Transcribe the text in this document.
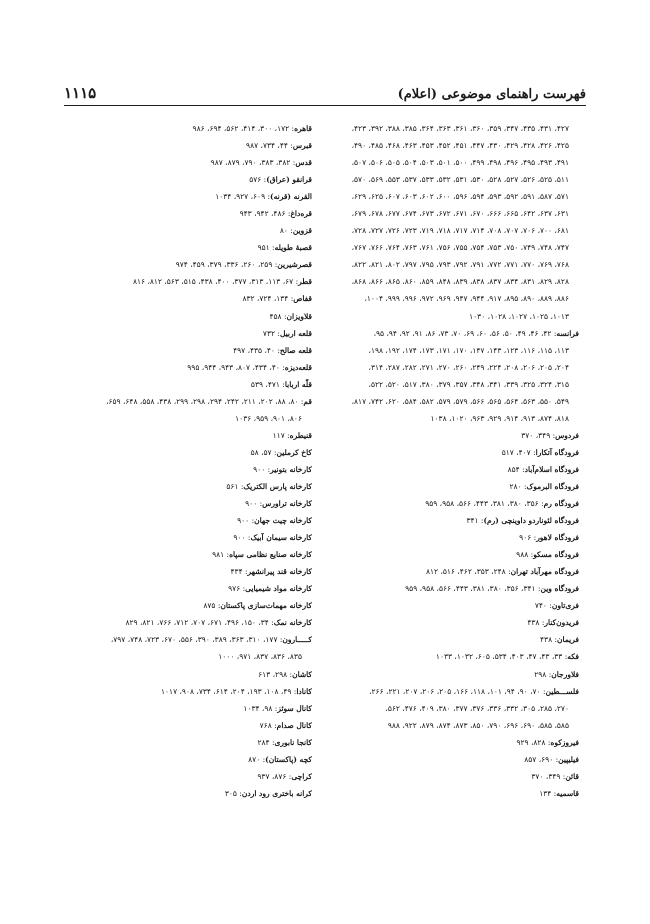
۱۱۱۵	فهرست راهنمای موضوعی (اعلام)
۴۲۷، ۴۳۱، ۴۳۵، ۳۴۷، ۳۵۹، ۳۶۰، ۳۶۱، ۳۶۳، ۳۶۴، ۳۸۵، ۳۸۸، ۳۹۲، ۴۲۳،
۴۲۵، ۴۲۶، ۴۲۸، ۴۲۹، ۴۳۰، ۴۴۷، ۴۵۱، ۴۵۲، ۴۵۳، ۴۶۳، ۴۶۸، ۴۸۵، ۴۹۰،
۴۹۱، ۴۹۳، ۴۹۵، ۴۹۶، ۴۹۸، ۴۹۹، ۵۰۰، ۵۰۱، ۵۰۳، ۵۰۴، ۵۰۵، ۵۰۶، ۵۰۷،
۵۱۱، ۵۲۵، ۵۲۶، ۵۲۷، ۵۲۸، ۵۳۰، ۵۳۱، ۵۳۲، ۵۳۳، ۵۳۷، ۵۵۳، ۵۶۹، ۵۷۰،
۵۷۱، ۵۸۷، ۵۹۱، ۵۹۲، ۵۹۳، ۵۹۴، ۵۹۶، ۶۰۰، ۶۰۲، ۶۰۳، ۶۰۷، ۶۲۵، ۶۲۹،
۶۳۱، ۶۳۷، ۶۴۲، ۶۶۵، ۶۶۶، ۶۷۰، ۶۷۱، ۶۷۲، ۶۷۳، ۶۷۴، ۶۷۷، ۶۷۸، ۶۷۹،
۶۸۱، ۷۰۰، ۷۰۶، ۷۰۷، ۷۰۸، ۷۱۴، ۷۱۷، ۷۱۸، ۷۱۹، ۷۲۳، ۷۲۶، ۷۲۷، ۷۲۸،
۷۴۷، ۷۴۸، ۷۴۹، ۷۵۰، ۷۵۳، ۷۵۴، ۷۵۵، ۷۵۶، ۷۶۱، ۷۶۳، ۷۶۴، ۷۶۶، ۷۶۷،
۷۶۸، ۷۶۹، ۷۷۰، ۷۷۱، ۷۷۲، ۷۹۱، ۷۹۲، ۷۹۳، ۷۹۵، ۷۹۷، ۸۰۲، ۸۲۱، ۸۲۲،
۸۲۸، ۸۲۹، ۸۳۱، ۸۳۴، ۸۳۷، ۸۳۸، ۸۳۹، ۸۴۸، ۸۵۹، ۸۶۰، ۸۶۵، ۸۶۶، ۸۶۸،
۸۸۶، ۸۸۹، ۸۹۰، ۸۹۵، ۹۱۷، ۹۴۴، ۹۴۷، ۹۶۹، ۹۷۲، ۹۹۶، ۹۹۹، ۱۰۰۴،
۱۰۱۳، ۱۰۲۵، ۱۰۲۷، ۱۰۲۸، ۱۰۳۰
فرانسه: ۴۲، ۴۶، ۴۹، ۵۰، ۵۶، ۶۰، ۶۹، ۷۰، ۷۳، ۸۶، ۹۱، ۹۲، ۹۴، ۹۵،
۱۱۳، ۱۱۵، ۱۱۶، ۱۲۳، ۱۴۳، ۱۴۷، ۱۷۰، ۱۷۱، ۱۷۳، ۱۷۴، ۱۹۲، ۱۹۸،
۲۰۴، ۲۰۵، ۲۰۶، ۲۰۸، ۲۲۴، ۲۴۹، ۲۶۰، ۲۷۰، ۲۷۱، ۲۸۲، ۲۸۷، ۳۱۴،
۳۱۵، ۳۲۴، ۳۲۵، ۳۳۹، ۳۴۱، ۳۴۸، ۳۵۷، ۳۷۹، ۳۸۰، ۵۱۷، ۵۲۰، ۵۲۲،
۵۴۹، ۵۵۰، ۵۶۳، ۵۶۴، ۵۶۵، ۵۶۶، ۵۷۹، ۵۷۹، ۵۸۲، ۵۸۴، ۶۲۰، ۷۴۲، ۸۱۷،
۸۱۸، ۸۷۴، ۹۱۳، ۹۱۴، ۹۲۹، ۹۶۳، ۱۰۲۰، ۱۰۳۸
فردوس: ۳۴۹، ۳۷۰
فرودگاه آتکارا: ۴۰۷، ۵۱۷
فرودگاه اسلام‌آباد: ۸۵۴
فرودگاه البرموک: ۲۸۰
فرودگاه رم: ۳۵۶، ۳۸۰، ۳۸۱، ۴۴۳، ۵۶۶، ۹۵۸، ۹۵۹
فرودگاه لئوناردو داوینچی (رم): ۳۴۱
فرودگاه لاهور: ۹۰۶
فرودگاه مسکو: ۹۸۸
فرودگاه مهرآباد تهران: ۲۴۸، ۳۵۳، ۴۶۲، ۵۱۶، ۸۱۲
فرودگاه وین: ۳۴۱، ۳۵۶، ۳۸۰، ۳۸۱، ۴۴۳، ۵۶۶، ۹۵۸، ۹۵۹
فری‌تاون: ۷۴۰
فریدون‌کنار: ۴۳۸
فریمان: ۴۳۸
فکه: ۳۳، ۴۳، ۴۷، ۴۰۳، ۵۳۴، ۶۰۵، ۱۰۳۲، ۱۰۳۳
فلاورجان: ۲۹۸
فلســـطین: ۷۰، ۹۰، ۹۴، ۱۰۱، ۱۱۸، ۱۶۶، ۲۰۵، ۲۰۶، ۲۰۷، ۲۲۱، ۲۶۶،
۲۷۰، ۲۸۵، ۳۰۵، ۳۳۲، ۳۳۶، ۳۷۶، ۳۷۷، ۳۸۰، ۴۰۹، ۴۷۶، ۵۶۲،
۵۸۵، ۵۸۵، ۶۹۰، ۶۹۶، ۷۹۰، ۸۵۰، ۸۷۳، ۸۷۴، ۸۷۹، ۹۲۲، ۹۸۸
فیروزکوه: ۸۲۸، ۹۲۹
فیلیپین: ۶۹۰، ۸۵۷
قائن: ۳۴۹، ۳۷۰
قاسمیه: ۱۳۴
قاهره: ۱۷۲، ۳۰۰، ۴۱۴، ۵۶۲، ۶۹۴، ۹۸۶
قبرس: ۴۴، ۷۳۴، ۹۸۷
قدس: ۳۸۲، ۳۸۳، ۷۹۰، ۸۷۹، ۹۸۷
قرانقو (عراق): ۵۷۶
القرنه (قرنه): ۶۰۹، ۹۲۷، ۱۰۳۴
قره‌داغ: ۴۸۶، ۹۴۲، ۹۴۳
قزوین: ۸۰
قصبهٔ طویله: ۹۵۱
قصرشیرین: ۲۵۹، ۲۶۰، ۳۳۶، ۳۷۹، ۴۵۹، ۹۷۴
قطر: ۶۷، ۱۱۳، ۳۱۳، ۳۷۷، ۴۰۰، ۴۳۸، ۵۱۵، ۵۶۳، ۸۱۲، ۸۱۶
قفاص: ۱۳۴، ۷۲۴، ۸۳۲
قلاویزان: ۴۵۸
قلعه اربیل: ۷۳۲
قلعه صالح: ۴۰، ۴۳۵، ۴۹۷
قلعه‌دیزه: ۴۰، ۴۳۴، ۸۰۷، ۹۴۳، ۹۴۴، ۹۹۵
قلّه اربابا: ۴۷۱، ۵۳۹
قم: ۸۰، ۸۸، ۲۰۲، ۲۱۱، ۲۴۲، ۲۹۴، ۲۹۸، ۲۹۹، ۴۳۸، ۵۵۸، ۶۴۸، ۶۵۹،
۸۰۶، ۹۰۱، ۹۵۹، ۱۰۳۶
قنیطره: ۱۱۷
کاخ کرملین: ۵۷، ۵۸
کارخانه بتونیر: ۹۰۰
کارخانه پارس الکتریک: ۵۶۱
کارخانه تراورس: ۹۰۰
کارخانه چیت جهان: ۹۰۰
کارخانه سیمان آبیک: ۹۰۰
کارخانه صنایع نظامی سپاه: ۹۸۱
کارخانه قند پیرانشهر: ۴۳۴
کارخانه مواد شیمیایی: ۹۷۶
کارخانه مهمات‌سازی پاکستان: ۸۷۵
کارخانه نمک: ۳۴، ۱۵۰، ۴۹۶، ۶۷۱، ۷۰۷، ۷۱۲، ۷۶۶، ۸۲۱، ۸۲۹
کـــــارون: ۱۷۷، ۳۱۰، ۳۶۳، ۳۸۹، ۳۹۰، ۵۵۶، ۶۷۰، ۷۲۳، ۷۴۸، ۷۹۷،
۸۳۵، ۸۳۶، ۸۳۷، ۹۷۱، ۱۰۰۰
کاشان: ۲۹۸، ۶۱۳
کانادا: ۴۹، ۱۰۸، ۱۹۳، ۲۰۴، ۶۱۴، ۷۳۴، ۹۰۸، ۱۰۱۷
کانال سوئز: ۹۸، ۱۰۳۴
کانال صدام: ۷۶۸
کانجا نابوری: ۲۸۴
کچه (پاکستان): ۸۷۰
کراچی: ۸۷۶، ۹۳۷
کرانه باختری رود اردن: ۳۰۵
